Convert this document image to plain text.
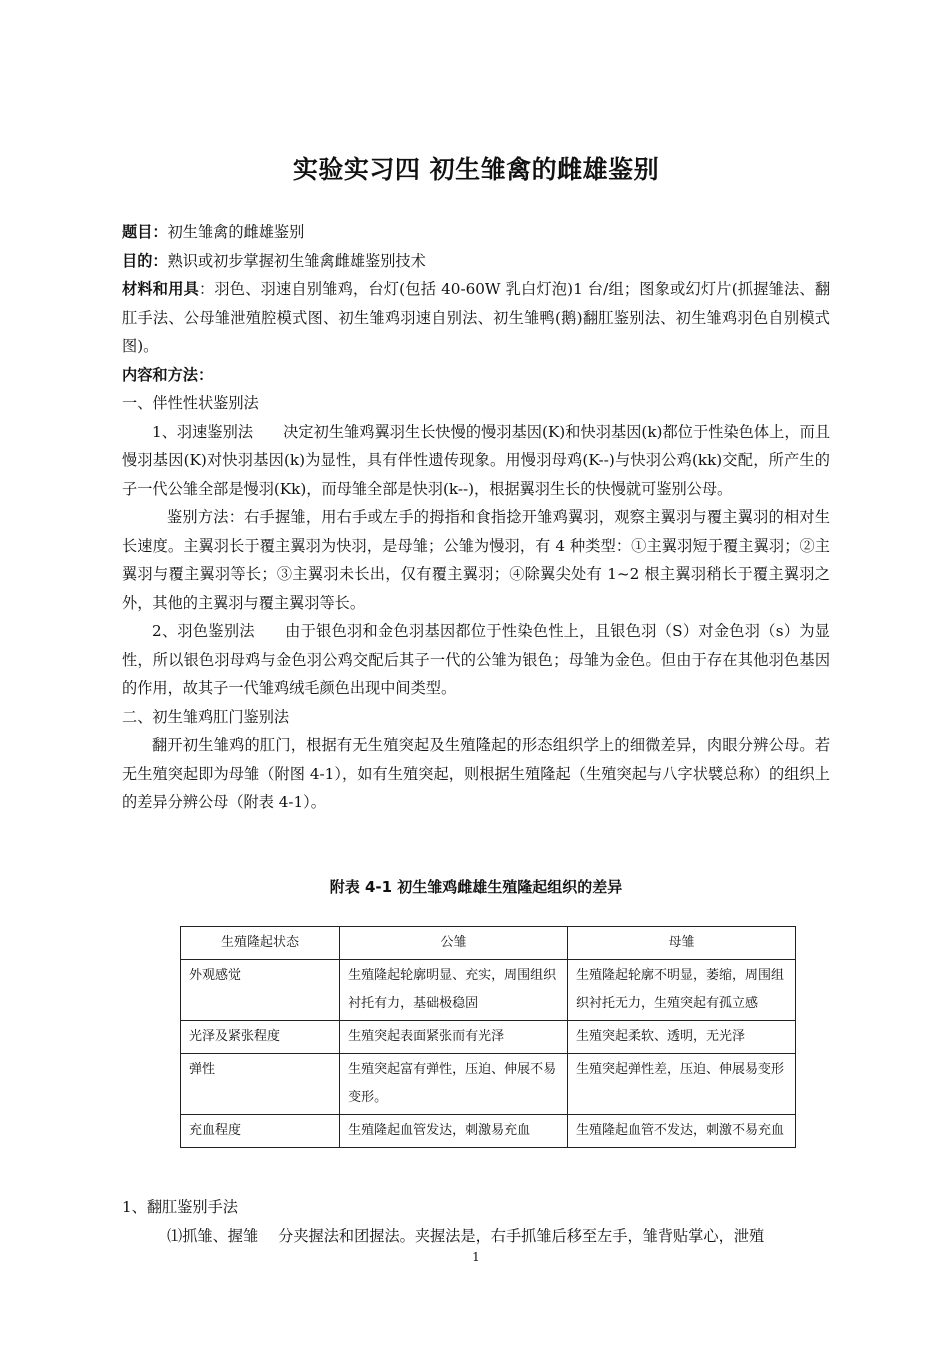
实验实习四 初生雏禽的雌雄鉴别

题目：初生雏禽的雌雄鉴别

目的：熟识或初步掌握初生雏禽雌雄鉴别技术

材料和用具：羽色、羽速自别雏鸡，台灯(包括 40-60W 乳白灯泡)1 台/组；图象或幻灯片(抓握雏法、翻肛手法、公母雏泄殖腔模式图、初生雏鸡羽速自别法、初生雏鸭(鹅)翻肛鉴别法、初生雏鸡羽色自别模式图)。

内容和方法：

一、伴性性状鉴别法

1、羽速鉴别法 决定初生雏鸡翼羽生长快慢的慢羽基因(K)和快羽基因(k)都位于性染色体上，而且慢羽基因(K)对快羽基因(k)为显性，具有伴性遗传现象。用慢羽母鸡(K--)与快羽公鸡(kk)交配，所产生的子一代公雏全部是慢羽(Kk)，而母雏全部是快羽(k--)，根据翼羽生长的快慢就可鉴别公母。

鉴别方法：右手握雏，用右手或左手的拇指和食指捻开雏鸡翼羽，观察主翼羽与覆主翼羽的相对生长速度。主翼羽长于覆主翼羽为快羽，是母雏；公雏为慢羽，有 4 种类型：①主翼羽短于覆主翼羽；②主翼羽与覆主翼羽等长；③主翼羽未长出，仅有覆主翼羽；④除翼尖处有 1~2 根主翼羽稍长于覆主翼羽之外，其他的主翼羽与覆主翼羽等长。

2、羽色鉴别法 由于银色羽和金色羽基因都位于性染色性上，且银色羽（S）对金色羽（s）为显性，所以银色羽母鸡与金色羽公鸡交配后其子一代的公雏为银色；母雏为金色。但由于存在其他羽色基因的作用，故其子一代雏鸡绒毛颜色出现中间类型。

二、初生雏鸡肛门鉴别法

翻开初生雏鸡的肛门，根据有无生殖突起及生殖隆起的形态组织学上的细微差异，肉眼分辨公母。若无生殖突起即为母雏（附图 4-1），如有生殖突起，则根据生殖隆起（生殖突起与八字状襞总称）的组织上的差异分辨公母（附表 4-1）。

附表 4-1 初生雏鸡雌雄生殖隆起组织的差异
生殖隆起状态	公雏	母雏
外观感觉	生殖隆起轮廓明显、充实，周围组织衬托有力，基础极稳固	生殖隆起轮廓不明显，萎缩，周围组织衬托无力，生殖突起有孤立感
光泽及紧张程度	生殖突起表面紧张而有光泽	生殖突起柔软、透明，无光泽
弹性	生殖突起富有弹性，压迫、伸展不易变形。	生殖突起弹性差，压迫、伸展易变形
充血程度	生殖隆起血管发达，刺激易充血	生殖隆起血管不发达，刺激不易充血

1、翻肛鉴别手法

⑴抓雏、握雏 分夹握法和团握法。夹握法是，右手抓雏后移至左手，雏背贴掌心，泄殖

1
